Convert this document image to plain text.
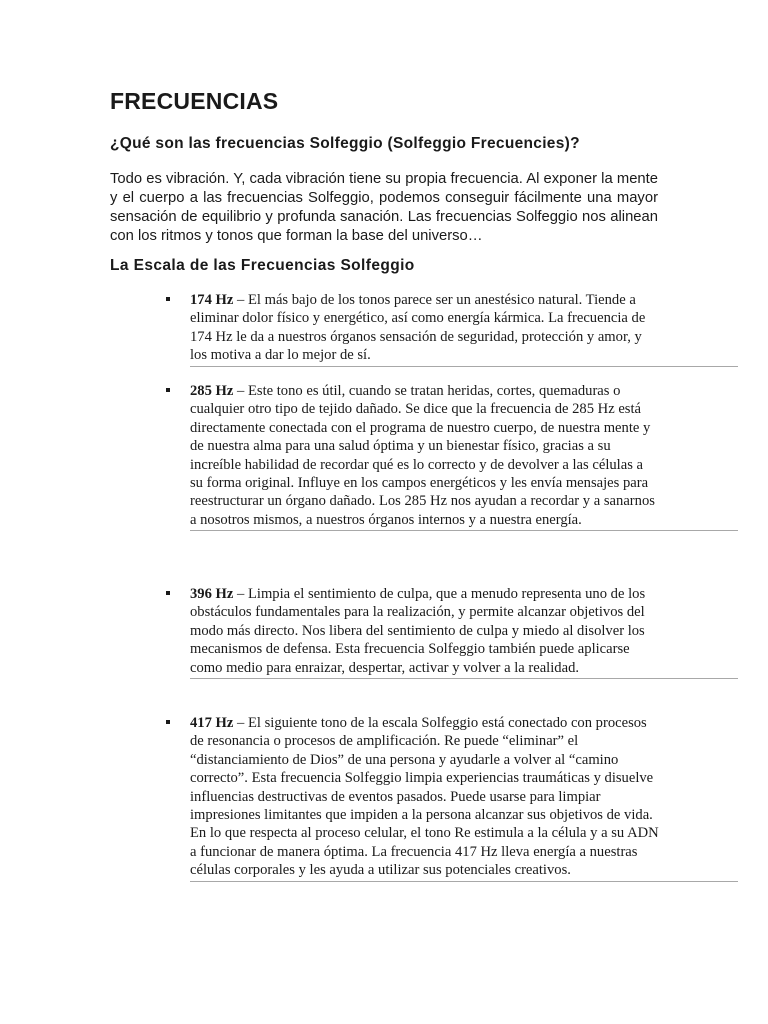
FRECUENCIAS
¿Qué son las frecuencias Solfeggio (Solfeggio Frecuencies)?

Todo es vibración. Y, cada vibración tiene su propia frecuencia. Al exponer la mente y el cuerpo a las frecuencias Solfeggio, podemos conseguir fácilmente una mayor sensación de equilibrio y profunda sanación. Las frecuencias Solfeggio nos alinean con los ritmos y tonos que forman la base del universo…

La Escala de las Frecuencias Solfeggio
174 Hz – El más bajo de los tonos parece ser un anestésico natural. Tiende a eliminar dolor físico y energético, así como energía kármica. La frecuencia de 174 Hz le da a nuestros órganos sensación de seguridad, protección y amor, y los motiva a dar lo mejor de sí.
285 Hz – Este tono es útil, cuando se tratan heridas, cortes, quemaduras o cualquier otro tipo de tejido dañado. Se dice que la frecuencia de 285 Hz está directamente conectada con el programa de nuestro cuerpo, de nuestra mente y de nuestra alma para una salud óptima y un bienestar físico, gracias a su increíble habilidad de recordar qué es lo correcto y de devolver a las células a su forma original. Influye en los campos energéticos y les envía mensajes para reestructurar un órgano dañado. Los 285 Hz nos ayudan a recordar y a sanarnos a nosotros mismos, a nuestros órganos internos y a nuestra energía.
396 Hz – Limpia el sentimiento de culpa, que a menudo representa uno de los obstáculos fundamentales para la realización, y permite alcanzar objetivos del modo más directo. Nos libera del sentimiento de culpa y miedo al disolver los mecanismos de defensa. Esta frecuencia Solfeggio también puede aplicarse como medio para enraizar, despertar, activar y volver a la realidad.
417 Hz – El siguiente tono de la escala Solfeggio está conectado con procesos de resonancia o procesos de amplificación. Re puede “eliminar” el “distanciamiento de Dios” de una persona y ayudarle a volver al “camino correcto”. Esta frecuencia Solfeggio limpia experiencias traumáticas y disuelve influencias destructivas de eventos pasados. Puede usarse para limpiar impresiones limitantes que impiden a la persona alcanzar sus objetivos de vida. En lo que respecta al proceso celular, el tono Re estimula a la célula y a su ADN a funcionar de manera óptima. La frecuencia 417 Hz lleva energía a nuestras células corporales y les ayuda a utilizar sus potenciales creativos.
